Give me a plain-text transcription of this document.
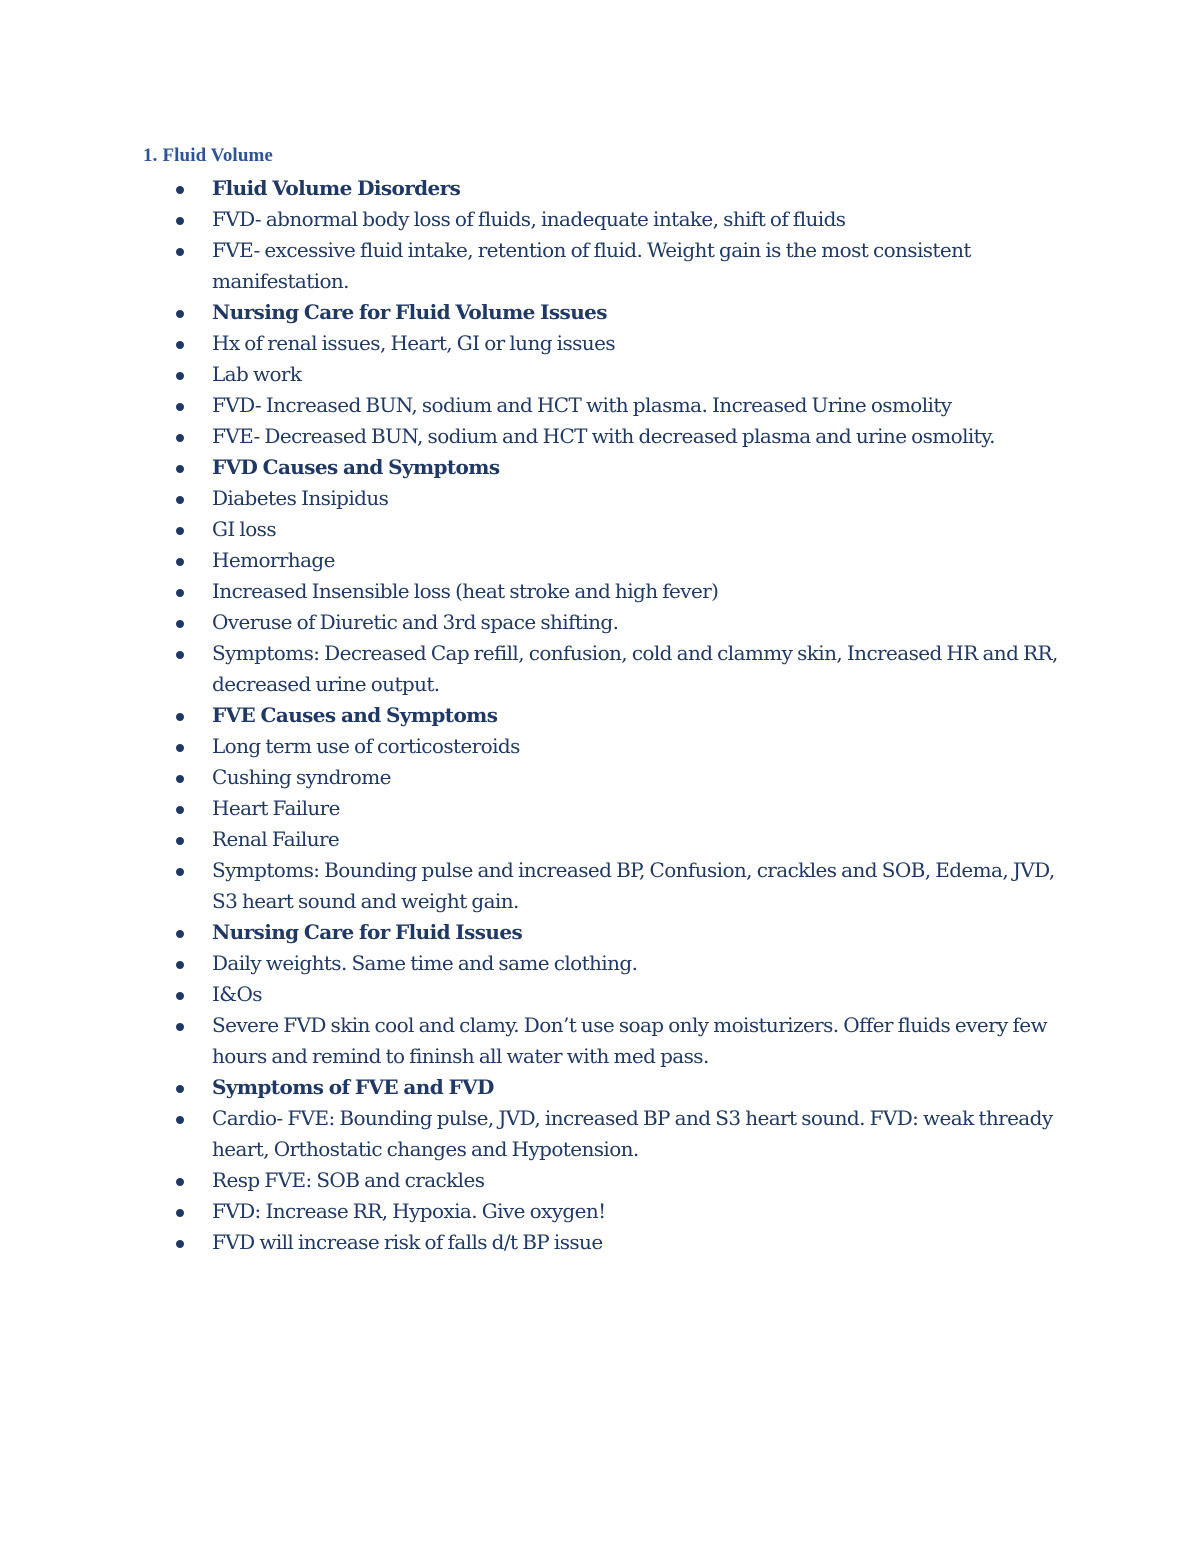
1. Fluid Volume
Fluid Volume Disorders
FVD- abnormal body loss of fluids, inadequate intake, shift of fluids
FVE- excessive fluid intake, retention of fluid. Weight gain is the most consistent manifestation.
Nursing Care for Fluid Volume Issues
Hx of renal issues, Heart, GI or lung issues
Lab work
FVD- Increased BUN, sodium and HCT with plasma. Increased Urine osmolity
FVE- Decreased BUN, sodium and HCT with decreased plasma and urine osmolity.
FVD Causes and Symptoms
Diabetes Insipidus
GI loss
Hemorrhage
Increased Insensible loss (heat stroke and high fever)
Overuse of Diuretic and 3rd space shifting.
Symptoms: Decreased Cap refill, confusion, cold and clammy skin, Increased HR and RR, decreased urine output.
FVE Causes and Symptoms
Long term use of corticosteroids
Cushing syndrome
Heart Failure
Renal Failure
Symptoms: Bounding pulse and increased BP, Confusion, crackles and SOB, Edema, JVD, S3 heart sound and weight gain.
Nursing Care for Fluid Issues
Daily weights. Same time and same clothing.
I&Os
Severe FVD skin cool and clamy. Don’t use soap only moisturizers. Offer fluids every few hours and remind to fininsh all water with med pass.
Symptoms of FVE and FVD
Cardio- FVE: Bounding pulse, JVD, increased BP and S3 heart sound. FVD: weak thready heart, Orthostatic changes and Hypotension.
Resp FVE: SOB and crackles
FVD: Increase RR, Hypoxia. Give oxygen!
FVD will increase risk of falls d/t BP issue
